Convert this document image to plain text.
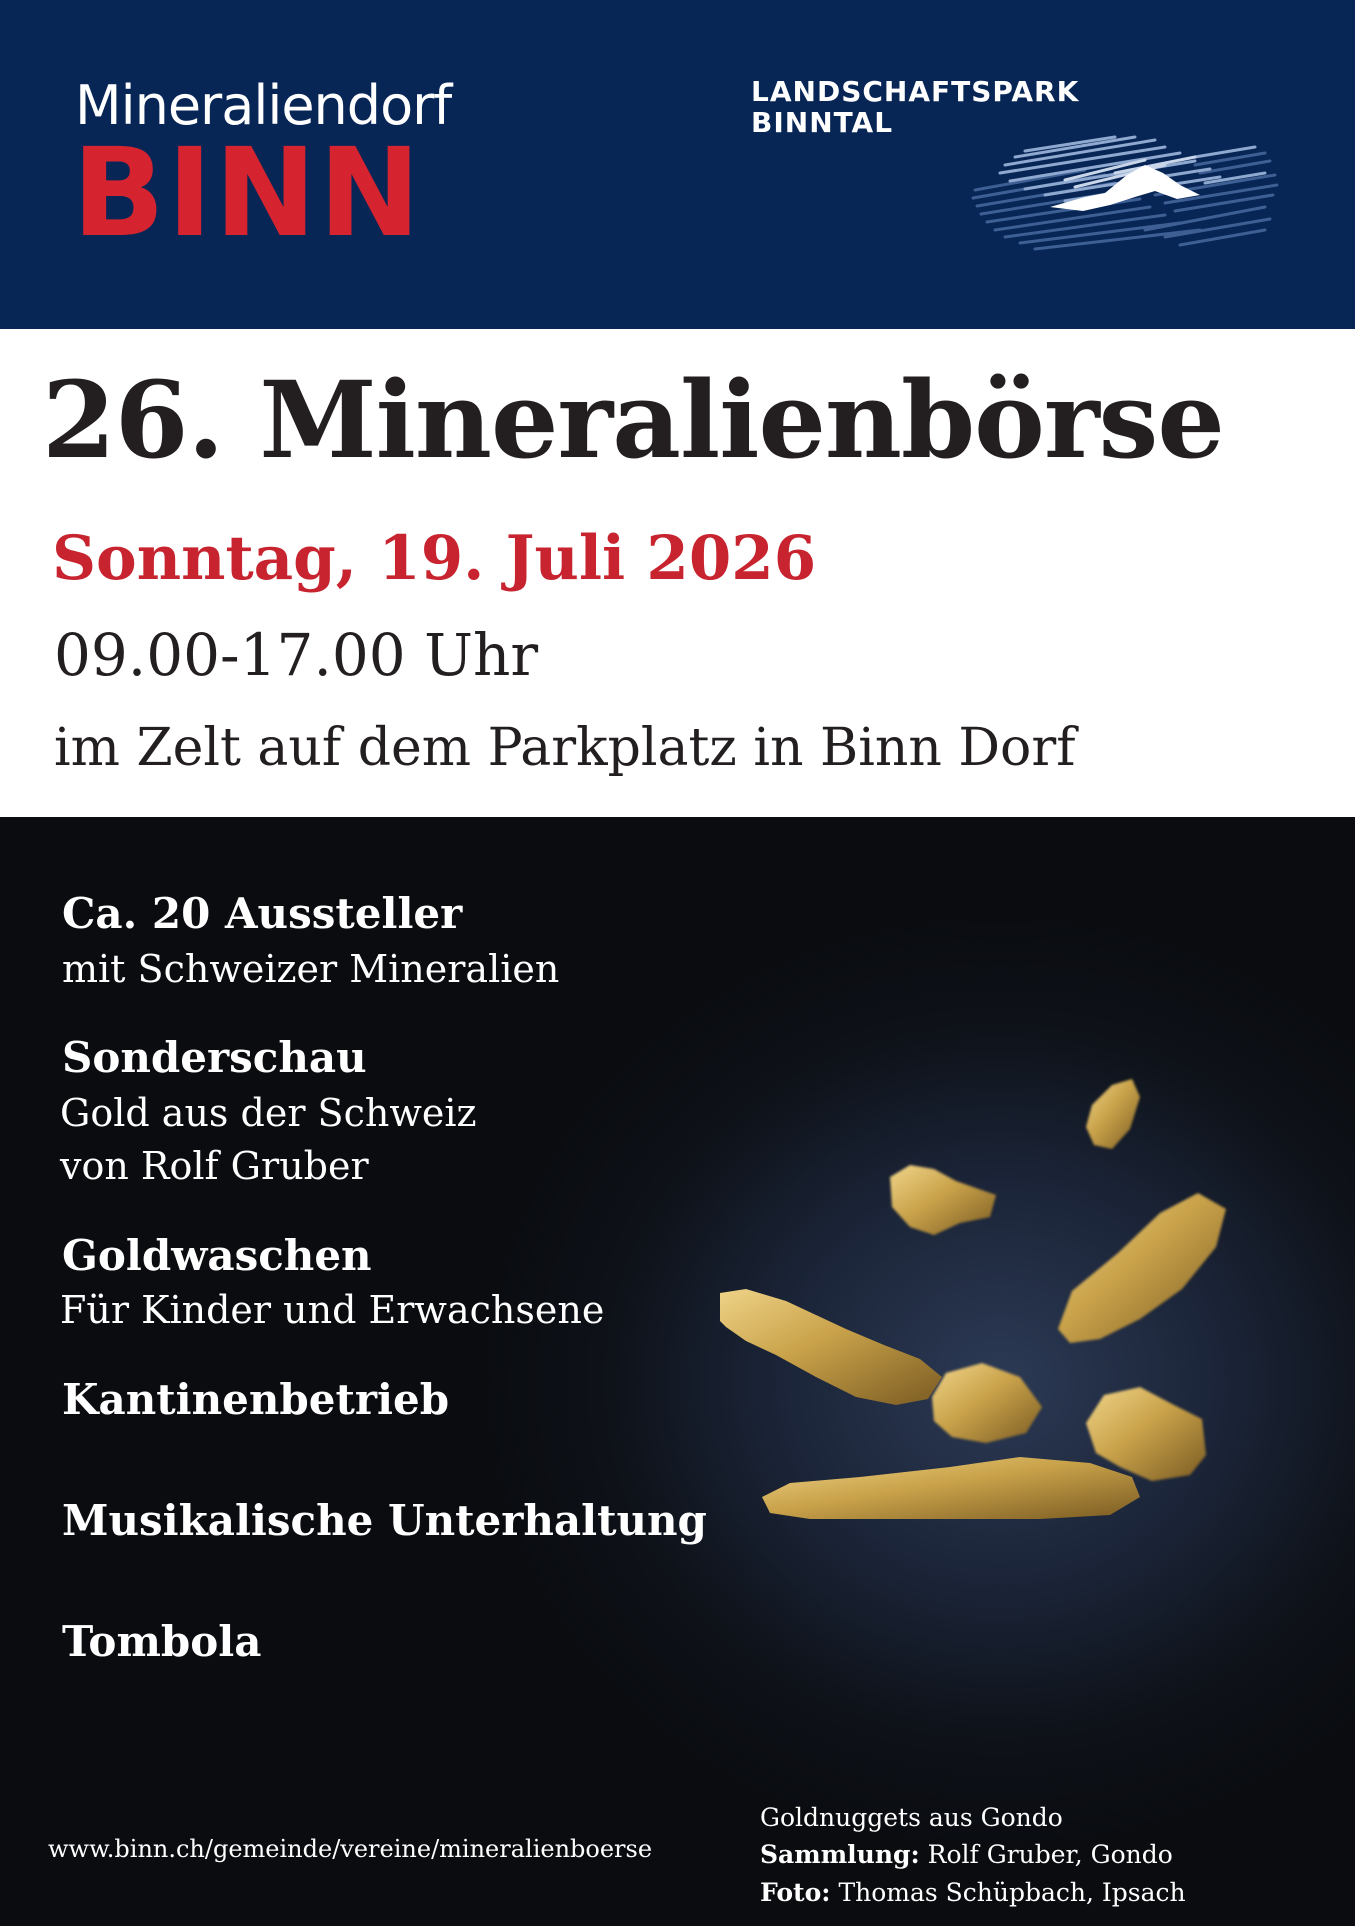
Mineraliendorf
BINN
LANDSCHAFTSPARK
BINNTAL
26. Mineralienbörse
Sonntag, 19. Juli 2026
09.00-17.00 Uhr
im Zelt auf dem Parkplatz in Binn Dorf
Ca. 20 Aussteller
mit Schweizer Mineralien
Sonderschau
Gold aus der Schweiz
von Rolf Gruber
Goldwaschen
Für Kinder und Erwachsene
Kantinenbetrieb
Musikalische Unterhaltung
Tombola
www.binn.ch/gemeinde/vereine/mineralienboerse
Goldnuggets aus Gondo
Sammlung: Rolf Gruber, Gondo
Foto: Thomas Schüpbach, Ipsach
